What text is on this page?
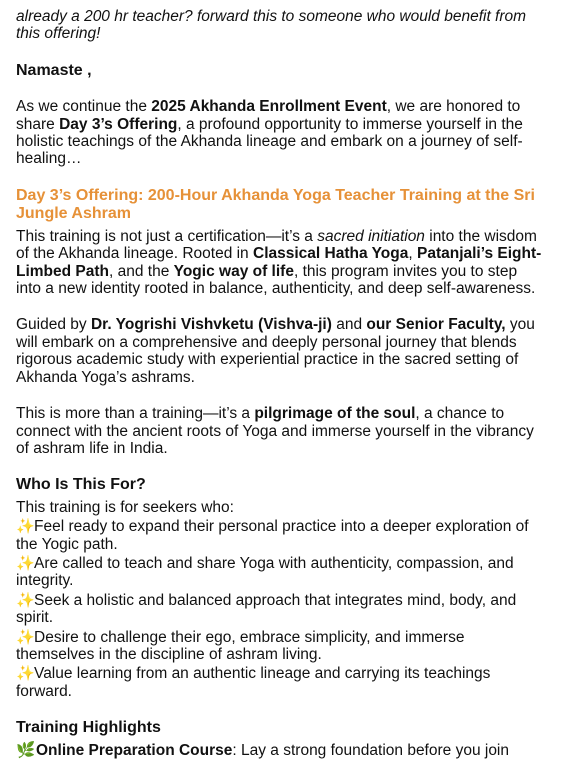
already a 200 hr teacher? forward this to someone who would benefit from this offering!

Namaste ,

As we continue the 2025 Akhanda Enrollment Event, we are honored to share Day 3’s Offering, a profound opportunity to immerse yourself in the holistic teachings of the Akhanda lineage and embark on a journey of self-healing…

Day 3’s Offering: 200-Hour Akhanda Yoga Teacher Training at the Sri Jungle Ashram

This training is not just a certification—it’s a sacred initiation into the wisdom of the Akhanda lineage. Rooted in Classical Hatha Yoga, Patanjali’s Eight-Limbed Path, and the Yogic way of life, this program invites you to step into a new identity rooted in balance, authenticity, and deep self-awareness.

Guided by Dr. Yogrishi Vishvketu (Vishva-ji) and our Senior Faculty, you will embark on a comprehensive and deeply personal journey that blends rigorous academic study with experiential practice in the sacred setting of Akhanda Yoga’s ashrams.

This is more than a training—it’s a pilgrimage of the soul, a chance to connect with the ancient roots of Yoga and immerse yourself in the vibrancy of ashram life in India.

Who Is This For?

This training is for seekers who:

✨Feel ready to expand their personal practice into a deeper exploration of the Yogic path.

✨Are called to teach and share Yoga with authenticity, compassion, and integrity.

✨Seek a holistic and balanced approach that integrates mind, body, and spirit.

✨Desire to challenge their ego, embrace simplicity, and immerse themselves in the discipline of ashram living.

✨Value learning from an authentic lineage and carrying its teachings forward.

Training Highlights

🌿Online Preparation Course: Lay a strong foundation before you join
